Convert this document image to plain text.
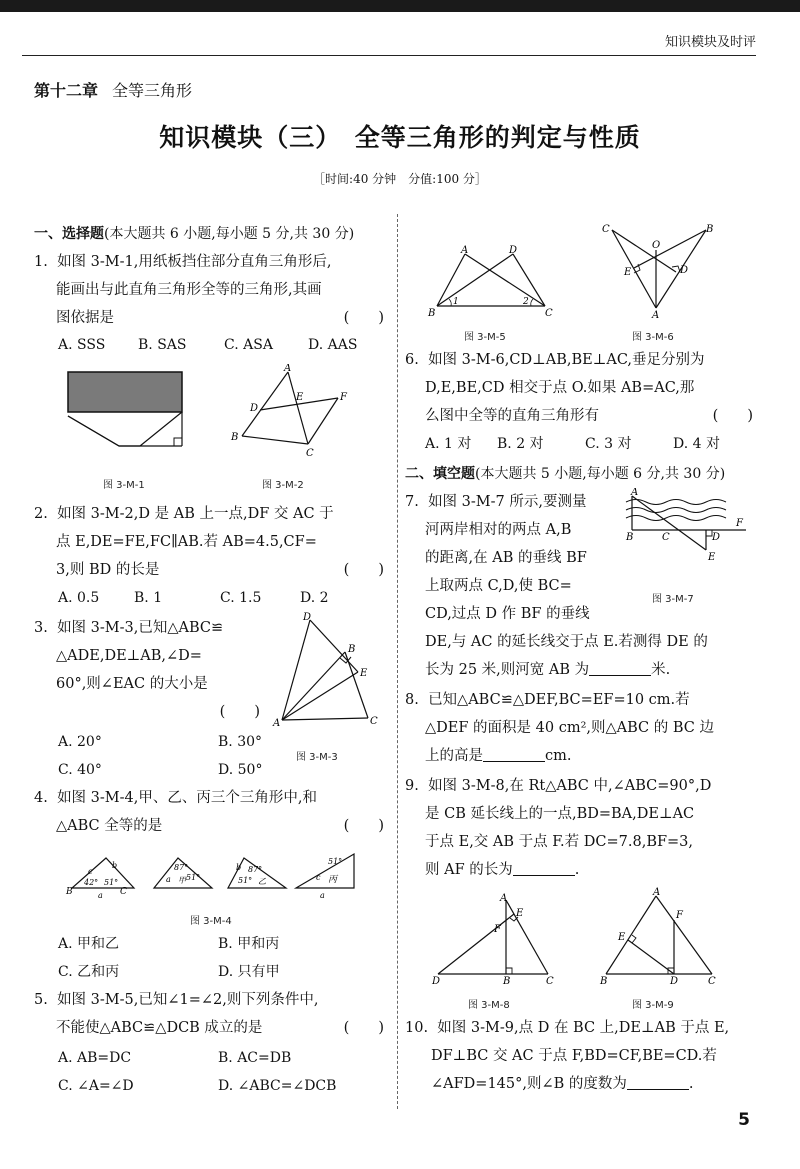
知识模块及时评
第十二章 全等三角形
知识模块（三）　全等三角形的判定与性质
［时间:40 分钟　分值:100 分］
一、选择题(本大题共 6 小题,每小题 5 分,共 30 分)

1. 如图 3-M-1,用纸板挡住部分直角三角形后,

能画出与此直角三角形全等的三角形,其画

图依据是	(　　)

A. SSS B. SAS	C. ASA	D. AAS
图 3-M-1
A
B
C
D
E	F
图 3-M-2

2. 如图 3-M-2,D 是 AB 上一点,DF 交 AC 于

点 E,DE=FE,FC∥AB.若 AB=4.5,CF=

3,则 BD 的长是	(　　)

A. 0.5 B. 1	C. 1.5	D. 2

3. 如图 3-M-3,已知△ABC≌

△ADE,DE⊥AB,∠D=

60°,则∠EAC 的大小是

(　　)

A. 20°	B. 30°
C. 40°	D. 50°
D
B
E
A	C
图 3-M-3

4. 如图 3-M-4,甲、乙、丙三个三角形中,和

△ABC 全等的是	(　　)

B	C
c
b
42° 51°
a
87°
a 甲 51°
b 87°
51° 乙
51°
c 丙
a
图 3-M-4
A. 甲和乙	B. 甲和丙
C. 乙和丙	D. 只有甲

5. 如图 3-M-5,已知∠1=∠2,则下列条件中,

不能使△ABC≌△DCB 成立的是	(　　)

A. AB=DC	B. AC=DB
C. ∠A=∠D	D. ∠ABC=∠DCB
A	D
B	C
1	2
图 3-M-5
C	B
O
E	D
A
图 3-M-6

6. 如图 3-M-6,CD⊥AB,BE⊥AC,垂足分别为

D,E,BE,CD 相交于点 O.如果 AB=AC,那

么图中全等的直角三角形有	(　　)

A. 1 对 B. 2 对	C. 3 对	D. 4 对
二、填空题(本大题共 5 小题,每小题 6 分,共 30 分)

7. 如图 3-M-7 所示,要测量

河两岸相对的两点 A,B

的距离,在 AB 的垂线 BF

上取两点 C,D,使 BC=

CD,过点 D 作 BF 的垂线

DE,与 AC 的延长线交于点 E.若测得 DE 的

长为 25 米,则河宽 AB 为	米.

A
B	C	D
E
F
图 3-M-7

8. 已知△ABC≌△DEF,BC=EF=10 cm.若

△DEF 的面积是 40 cm²,则△ABC 的 BC 边

上的高是	cm.

9. 如图 3-M-8,在 Rt△ABC 中,∠ABC=90°,D

是 CB 延长线上的一点,BD=BA,DE⊥AC

于点 E,交 AB 于点 F.若 DC=7.8,BF=3,

则 AF 的长为	.

A
E
F
D	B	C
图 3-M-8
A
F
E
B	D	C
图 3-M-9

10. 如图 3-M-9,点 D 在 BC 上,DE⊥AB 于点 E,

DF⊥BC 交 AC 于点 F,BD=CF,BE=CD.若

∠AFD=145°,则∠B 的度数为	.

5
